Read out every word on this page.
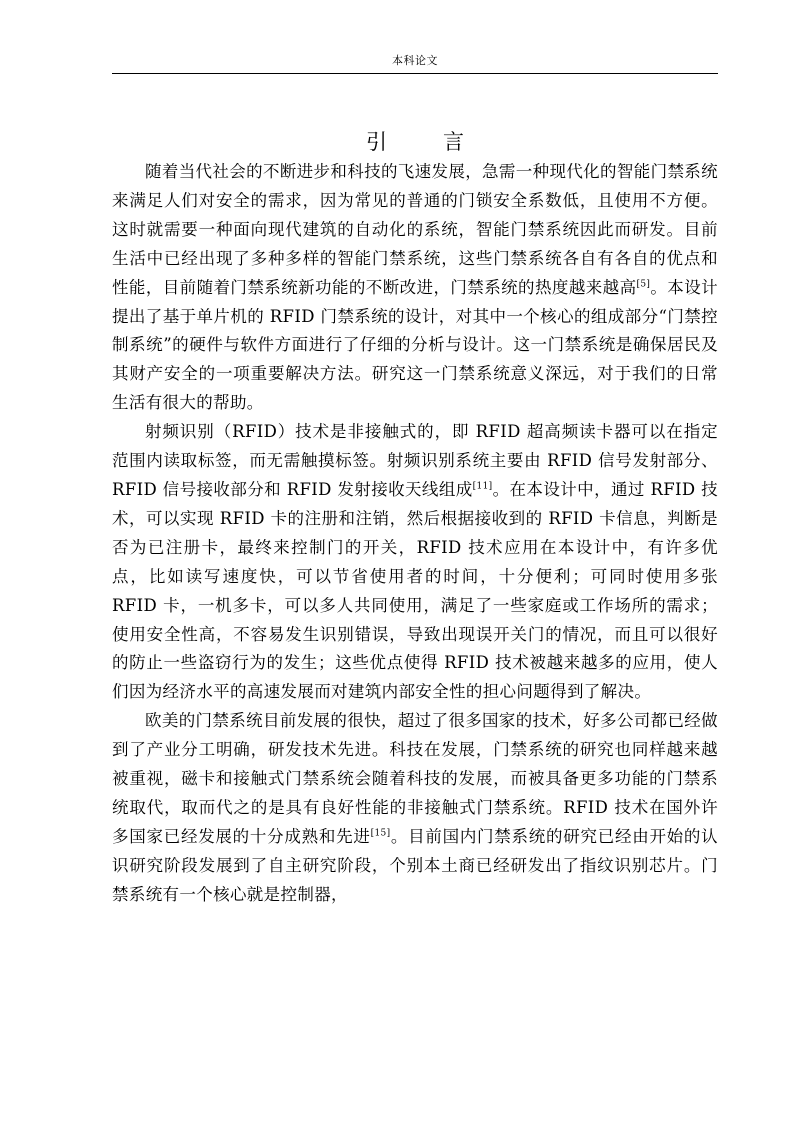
本科论文
引	言

随着当代社会的不断进步和科技的飞速发展，急需一种现代化的智能门禁系统来满足人们对安全的需求，因为常见的普通的门锁安全系数低，且使用不方便。这时就需要一种面向现代建筑的自动化的系统，智能门禁系统因此而研发。目前生活中已经出现了多种多样的智能门禁系统，这些门禁系统各自有各自的优点和性能，目前随着门禁系统新功能的不断改进，门禁系统的热度越来越高[5]。本设计提出了基于单片机的 RFID 门禁系统的设计，对其中一个核心的组成部分“门禁控制系统”的硬件与软件方面进行了仔细的分析与设计。这一门禁系统是确保居民及其财产安全的一项重要解决方法。研究这一门禁系统意义深远，对于我们的日常生活有很大的帮助。

射频识别（RFID）技术是非接触式的，即 RFID 超高频读卡器可以在指定范围内读取标签，而无需触摸标签。射频识别系统主要由 RFID 信号发射部分、RFID 信号接收部分和 RFID 发射接收天线组成[11]。在本设计中，通过 RFID 技术，可以实现 RFID 卡的注册和注销，然后根据接收到的 RFID 卡信息，判断是否为已注册卡，最终来控制门的开关，RFID 技术应用在本设计中，有许多优点，比如读写速度快，可以节省使用者的时间，十分便利；可同时使用多张 RFID 卡，一机多卡，可以多人共同使用，满足了一些家庭或工作场所的需求；使用安全性高，不容易发生识别错误，导致出现误开关门的情况，而且可以很好的防止一些盗窃行为的发生；这些优点使得 RFID 技术被越来越多的应用，使人们因为经济水平的高速发展而对建筑内部安全性的担心问题得到了解决。

欧美的门禁系统目前发展的很快，超过了很多国家的技术，好多公司都已经做到了产业分工明确，研发技术先进。科技在发展，门禁系统的研究也同样越来越被重视，磁卡和接触式门禁系统会随着科技的发展，而被具备更多功能的门禁系统取代，取而代之的是具有良好性能的非接触式门禁系统。RFID 技术在国外许多国家已经发展的十分成熟和先进[15]。目前国内门禁系统的研究已经由开始的认识研究阶段发展到了自主研究阶段，个别本土商已经研发出了指纹识别芯片。门禁系统有一个核心就是控制器，
